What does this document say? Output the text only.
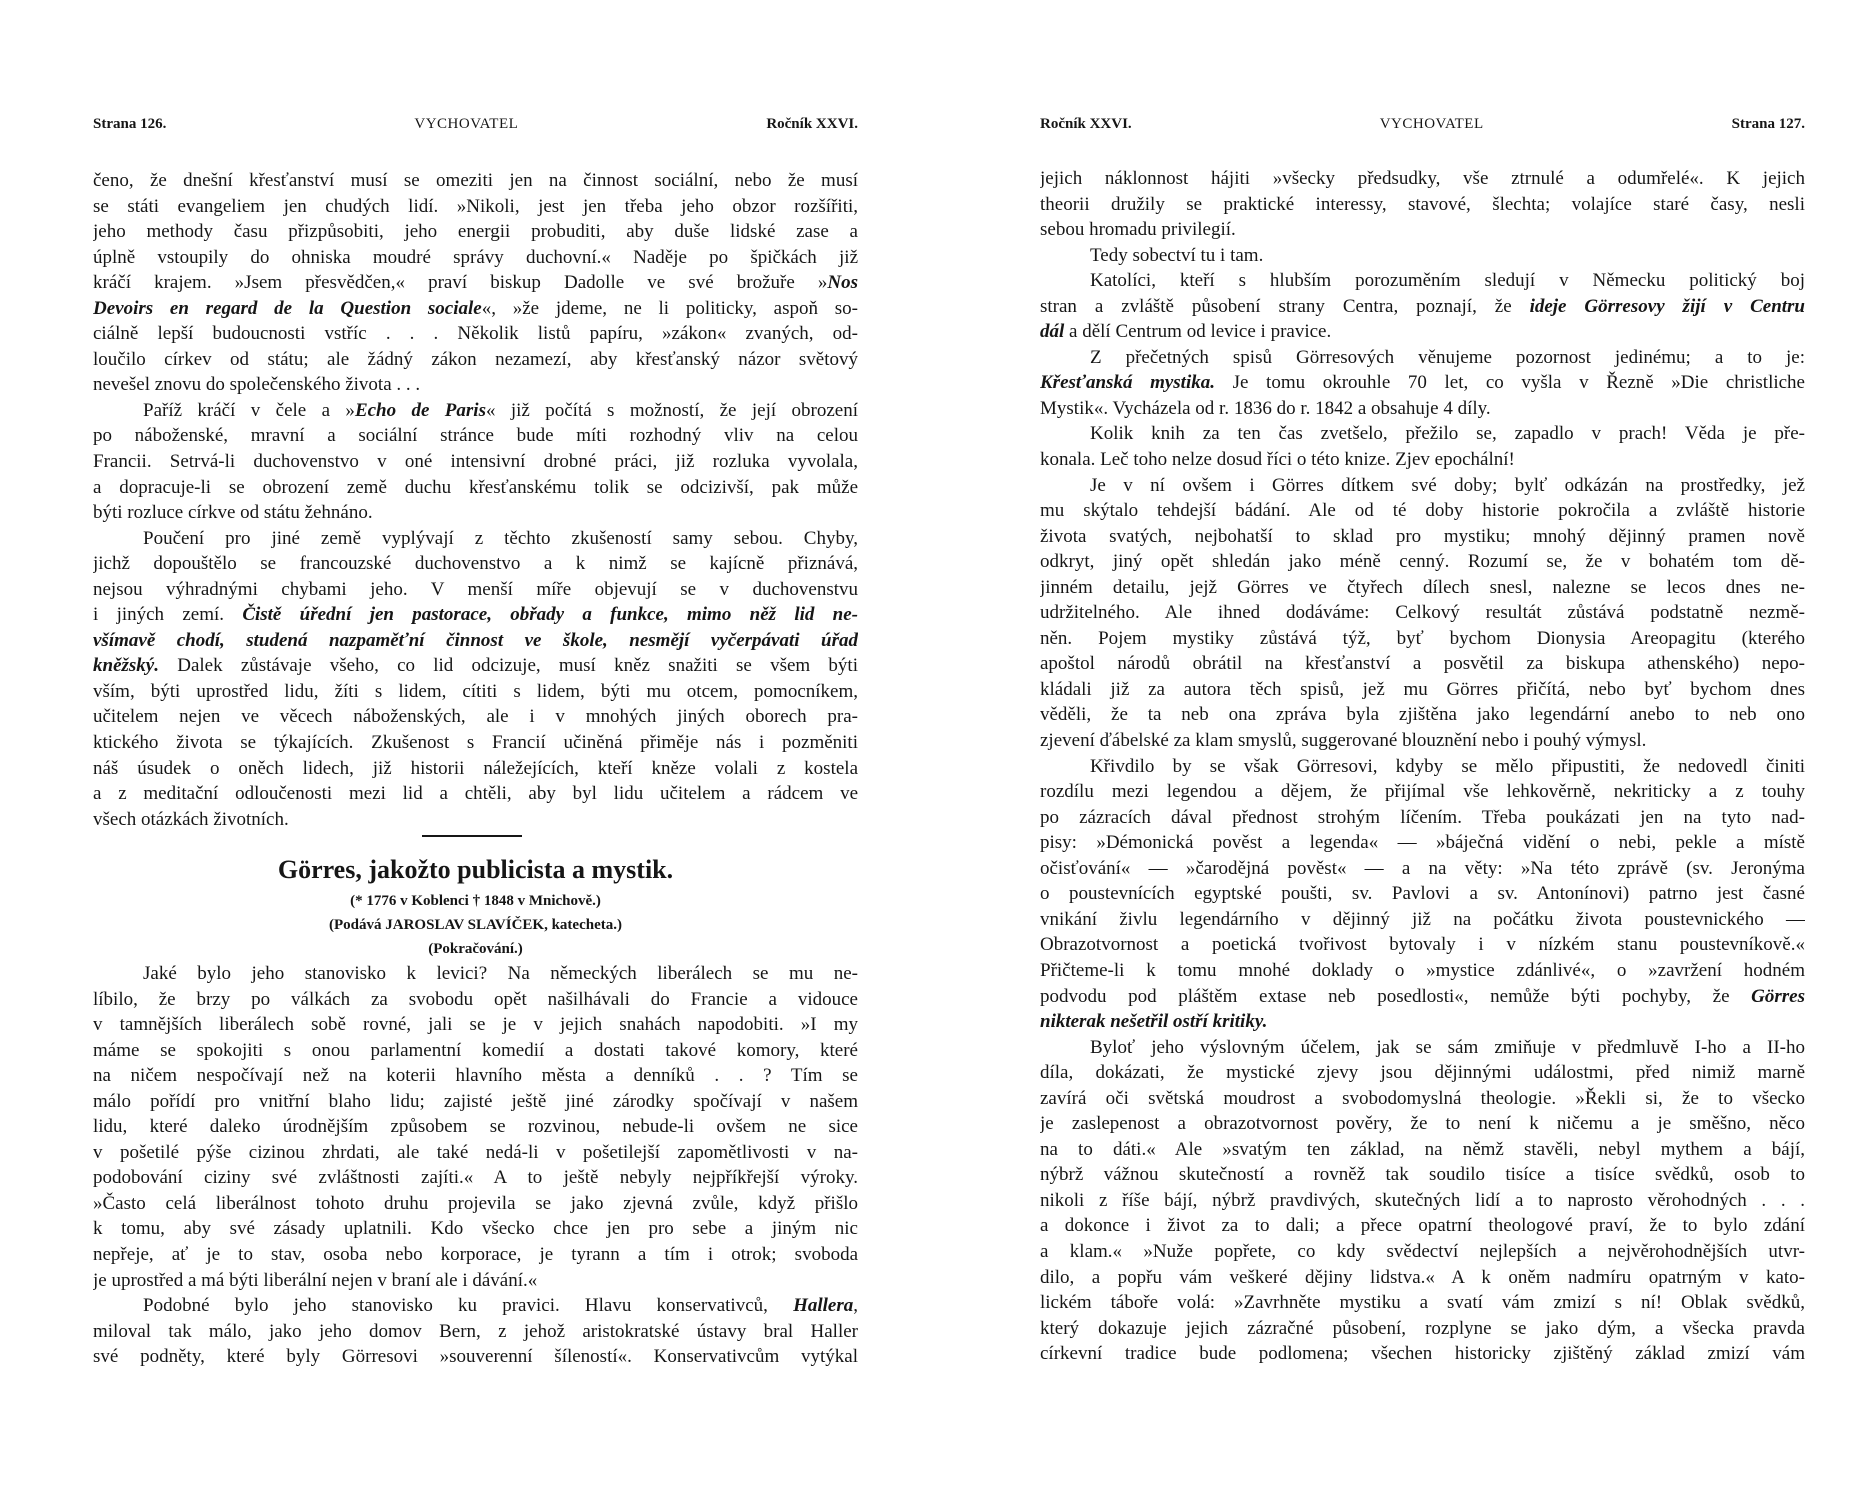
Strana 126.	VYCHOVATEL	Ročník XXVI.
čeno, že dnešní křesťanství musí se omeziti jen na činnost sociální, nebo že musí
se státi evangeliem jen chudých lidí. »Nikoli, jest jen třeba jeho obzor rozšířiti,
jeho methody času přizpůsobiti, jeho energii probuditi, aby duše lidské zase a
úplně vstoupily do ohniska moudré správy duchovní.« Naděje po špičkách již
kráčí krajem. »Jsem přesvědčen,« praví biskup Dadolle ve své brožuře »Nos
Devoirs en regard de la Question sociale«, »že jdeme, ne li politicky, aspoň so-
ciálně lepší budoucnosti vstříc . . . Několik listů papíru, »zákon« zvaných, od-
loučilo církev od státu; ale žádný zákon nezamezí, aby křesťanský názor světový
nevešel znovu do společenského života . . .
Paříž kráčí v čele a »Echo de Paris« již počítá s možností, že její obrození
po náboženské, mravní a sociální stránce bude míti rozhodný vliv na celou
Francii. Setrvá-li duchovenstvo v oné intensivní drobné práci, již rozluka vyvolala,
a dopracuje-li se obrození země duchu křesťanskému tolik se odcizivší, pak může
býti rozluce církve od státu žehnáno.
Poučení pro jiné země vyplývají z těchto zkušeností samy sebou. Chyby,
jichž dopouštělo se francouzské duchovenstvo a k nimž se kajícně přiznává,
nejsou výhradnými chybami jeho. V menší míře objevují se v duchovenstvu
i jiných zemí. Čistě úřední jen pastorace, obřady a funkce, mimo něž lid ne-
všímavě chodí, studená nazpaměťní činnost ve škole, nesmějí vyčerpávati úřad
kněžský. Dalek zůstávaje všeho, co lid odcizuje, musí kněz snažiti se všem býti
vším, býti uprostřed lidu, žíti s lidem, cítiti s lidem, býti mu otcem, pomocníkem,
učitelem nejen ve věcech náboženských, ale i v mnohých jiných oborech pra-
ktického života se týkajících. Zkušenost s Francií učiněná přiměje nás i pozměniti
náš úsudek o oněch lidech, již historii náležejících, kteří kněze volali z kostela
a z meditační odloučenosti mezi lid a chtěli, aby byl lidu učitelem a rádcem ve
všech otázkách životních.
Görres, jakožto publicista a mystik.
(* 1776 v Koblenci † 1848 v Mnichově.)
(Podává JAROSLAV SLAVÍČEK, katecheta.)
(Pokračování.)
Jaké bylo jeho stanovisko k levici? Na německých liberálech se mu ne-
líbilo, že brzy po válkách za svobodu opět našilhávali do Francie a vidouce
v tamnějších liberálech sobě rovné, jali se je v jejich snahách napodobiti. »I my
máme se spokojiti s onou parlamentní komedií a dostati takové komory, které
na ničem nespočívají než na koterii hlavního města a denníků . . ? Tím se
málo pořídí pro vnitřní blaho lidu; zajisté ještě jiné zárodky spočívají v našem
lidu, které daleko úrodnějším způsobem se rozvinou, nebude-li ovšem ne sice
v pošetilé pýše cizinou zhrdati, ale také nedá-li v pošetilejší zapomětlivosti v na-
podobování ciziny své zvláštnosti zajíti.« A to ještě nebyly nejpříkřejší výroky.
»Často celá liberálnost tohoto druhu projevila se jako zjevná zvůle, když přišlo
k tomu, aby své zásady uplatnili. Kdo všecko chce jen pro sebe a jiným nic
nepřeje, ať je to stav, osoba nebo korporace, je tyrann a tím i otrok; svoboda
je uprostřed a má býti liberální nejen v braní ale i dávání.«
Podobné bylo jeho stanovisko ku pravici. Hlavu konservativců, Hallera,
miloval tak málo, jako jeho domov Bern, z jehož aristokratské ústavy bral Haller
své podněty, které byly Görresovi »souverenní šíleností«. Konservativcům vytýkal
Ročník XXVI.	VYCHOVATEL	Strana 127.
jejich náklonnost hájiti »všecky předsudky, vše ztrnulé a odumřelé«. K jejich
theorii družily se praktické interessy, stavové, šlechta; volajíce staré časy, nesli
sebou hromadu privilegií.
Tedy sobectví tu i tam.
Katolíci, kteří s hlubším porozuměním sledují v Německu politický boj
stran a zvláště působení strany Centra, poznají, že ideje Görresovy žijí v Centru
dál a dělí Centrum od levice i pravice.
Z přečetných spisů Görresových věnujeme pozornost jedinému; a to je:
Křesťanská mystika. Je tomu okrouhle 70 let, co vyšla v Řezně »Die christliche
Mystik«. Vycházela od r. 1836 do r. 1842 a obsahuje 4 díly.
Kolik knih za ten čas zvetšelo, přežilo se, zapadlo v prach! Věda je pře-
konala. Leč toho nelze dosud říci o této knize. Zjev epochální!
Je v ní ovšem i Görres dítkem své doby; bylť odkázán na prostředky, jež
mu skýtalo tehdejší bádání. Ale od té doby historie pokročila a zvláště historie
života svatých, nejbohatší to sklad pro mystiku; mnohý dějinný pramen nově
odkryt, jiný opět shledán jako méně cenný. Rozumí se, že v bohatém tom dě-
jinném detailu, jejž Görres ve čtyřech dílech snesl, nalezne se lecos dnes ne-
udržitelného. Ale ihned dodáváme: Celkový resultát zůstává podstatně nezmě-
něn. Pojem mystiky zůstává týž, byť bychom Dionysia Areopagitu (kterého
apoštol národů obrátil na křesťanství a posvětil za biskupa athenského) nepo-
kládali již za autora těch spisů, jež mu Görres přičítá, nebo byť bychom dnes
věděli, že ta neb ona zpráva byla zjištěna jako legendární anebo to neb ono
zjevení ďábelské za klam smyslů, suggerované blouznění nebo i pouhý výmysl.
Křivdilo by se však Görresovi, kdyby se mělo připustiti, že nedovedl činiti
rozdílu mezi legendou a dějem, že přijímal vše lehkověrně, nekriticky a z touhy
po zázracích dával přednost strohým líčením. Třeba poukázati jen na tyto nad-
pisy: »Démonická pověst a legenda« — »báječná vidění o nebi, pekle a místě
očisťování« — »čarodějná pověst« — a na věty: »Na této zprávě (sv. Jeronýma
o poustevnících egyptské poušti, sv. Pavlovi a sv. Antonínovi) patrno jest časné
vnikání živlu legendárního v dějinný již na počátku života poustevnického —
Obrazotvornost a poetická tvořivost bytovaly i v nízkém stanu poustevníkově.«
Přičteme-li k tomu mnohé doklady o »mystice zdánlivé«, o »zavržení hodném
podvodu pod pláštěm extase neb posedlosti«, nemůže býti pochyby, že Görres
nikterak nešetřil ostří kritiky.
Byloť jeho výslovným účelem, jak se sám zmiňuje v předmluvě I-ho a II-ho
díla, dokázati, že mystické zjevy jsou dějinnými událostmi, před nimiž marně
zavírá oči světská moudrost a svobodomyslná theologie. »Řekli si, že to všecko
je zaslepenost a obrazotvornost pověry, že to není k ničemu a je směšno, něco
na to dáti.« Ale »svatým ten základ, na němž stavěli, nebyl mythem a bájí,
nýbrž vážnou skutečností a rovněž tak soudilo tisíce a tisíce svědků, osob to
nikoli z říše bájí, nýbrž pravdivých, skutečných lidí a to naprosto věrohodných . . .
a dokonce i život za to dali; a přece opatrní theologové praví, že to bylo zdání
a klam.« »Nuže popřete, co kdy svědectví nejlepších a nejvěrohodnějších utvr-
dilo, a popřu vám veškeré dějiny lidstva.« A k oněm nadmíru opatrným v kato-
lickém táboře volá: »Zavrhněte mystiku a svatí vám zmizí s ní! Oblak svědků,
který dokazuje jejich zázračné působení, rozplyne se jako dým, a všecka pravda
církevní tradice bude podlomena; všechen historicky zjištěný základ zmizí vám
